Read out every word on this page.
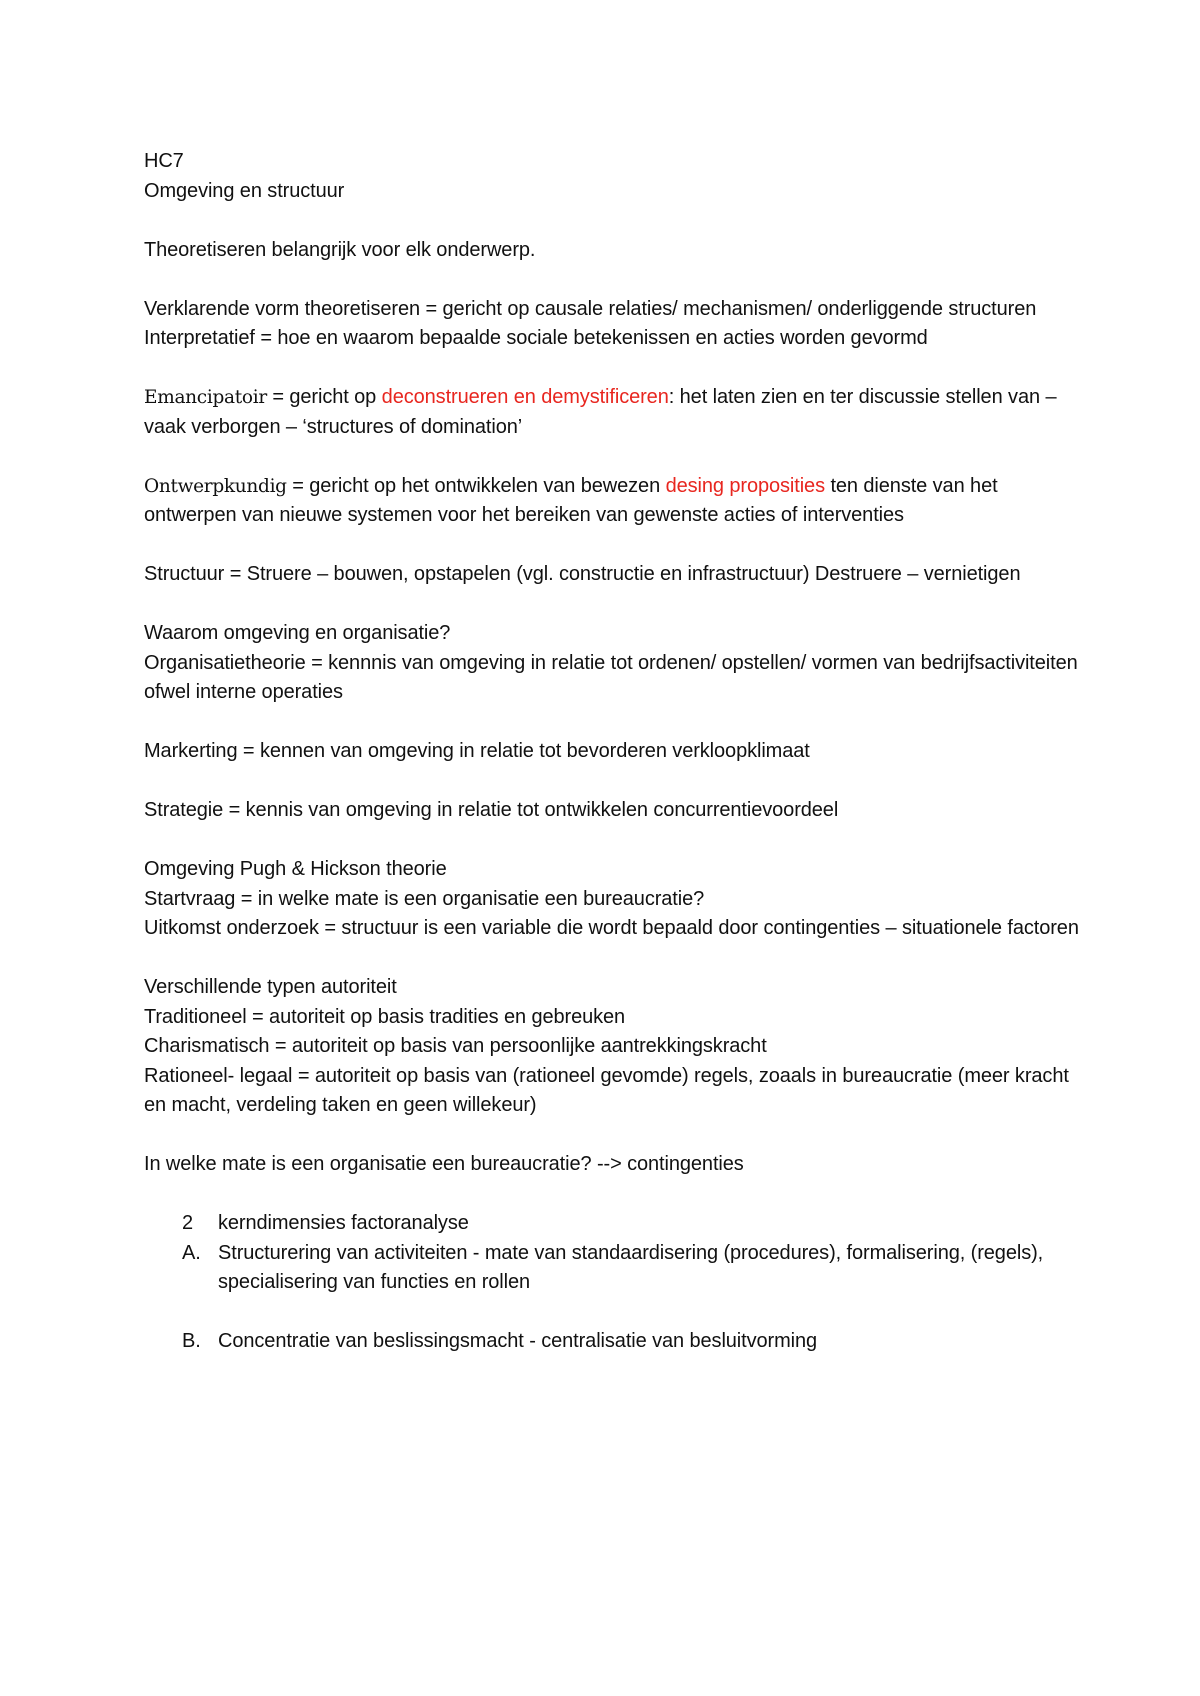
HC7

Omgeving en structuur

Theoretiseren belangrijk voor elk onderwerp.

Verklarende vorm theoretiseren = gericht op causale relaties/ mechanismen/ onderliggende structuren

Interpretatief = hoe en waarom bepaalde sociale betekenissen en acties worden gevormd

Emancipatoir = gericht op deconstrueren en demystificeren: het laten zien en ter discussie stellen van – vaak verborgen – ‘structures of domination’

Ontwerpkundig = gericht op het ontwikkelen van bewezen desing proposities ten dienste van het ontwerpen van nieuwe systemen voor het bereiken van gewenste acties of interventies

Structuur = Struere – bouwen, opstapelen (vgl. constructie en infrastructuur) Destruere – vernietigen

Waarom omgeving en organisatie?

Organisatietheorie = kennnis van omgeving in relatie tot ordenen/ opstellen/ vormen van bedrijfsactiviteiten ofwel interne operaties

Markerting = kennen van omgeving in relatie tot bevorderen verkloopklimaat

Strategie = kennis van omgeving in relatie tot ontwikkelen concurrentievoordeel

Omgeving Pugh & Hickson theorie

Startvraag = in welke mate is een organisatie een bureaucratie?

Uitkomst onderzoek = structuur is een variable die wordt bepaald door contingenties – situationele factoren

Verschillende typen autoriteit

Traditioneel = autoriteit op basis tradities en gebreuken

Charismatisch = autoriteit op basis van persoonlijke aantrekkingskracht

Rationeel- legaal = autoriteit op basis van (rationeel gevomde) regels, zoaals in bureaucratie (meer kracht en macht, verdeling taken en geen willekeur)

In welke mate is een organisatie een bureaucratie? --> contingenties

2 kerndimensies factoranalyse
A. Structurering van activiteiten - mate van standaardisering (procedures), formalisering, (regels), specialisering van functies en rollen
B. Concentratie van beslissingsmacht - centralisatie van besluitvorming
